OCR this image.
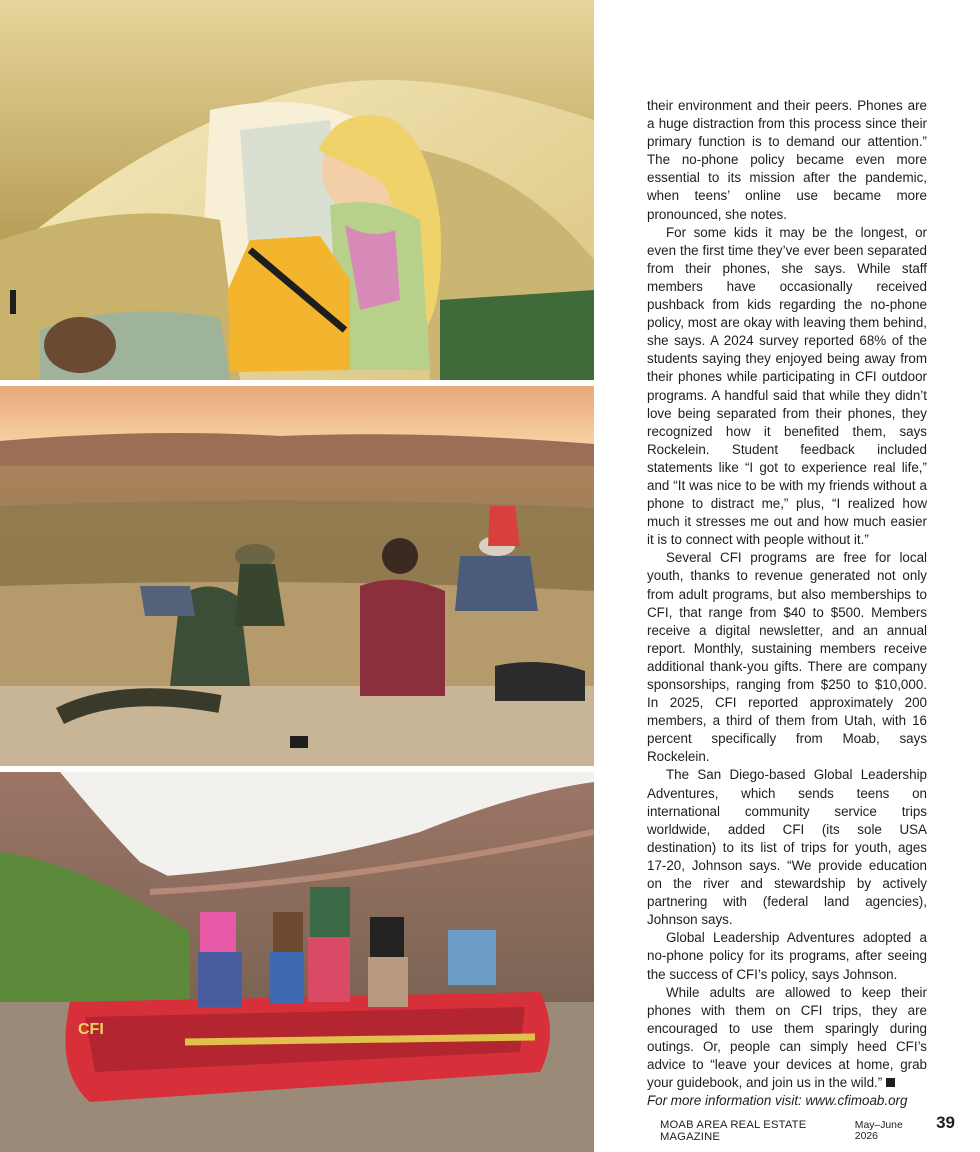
CFI

their environment and their peers. Phones are a huge distraction from this process since their primary function is to demand our attention.” The no-phone policy became even more essential to its mission after the pandemic, when teens’ online use became more pronounced, she notes.

For some kids it may be the longest, or even the first time they’ve ever been separated from their phones, she says. While staff members have occasionally received pushback from kids regarding the no-phone policy, most are okay with leaving them behind, she says. A 2024 survey reported 68% of the students saying they enjoyed being away from their phones while participating in CFI outdoor programs. A handful said that while they didn’t love being separated from their phones, they recognized how it benefited them, says Rockelein. Student feedback included statements like “I got to experience real life,” and “It was nice to be with my friends without a phone to distract me,” plus, “I realized how much it stresses me out and how much easier it is to connect with people without it.”

Several CFI programs are free for local youth, thanks to revenue generated not only from adult programs, but also memberships to CFI, that range from $40 to $500. Members receive a digital newsletter, and an annual report. Monthly, sustaining members receive additional thank-you gifts. There are company sponsorships, ranging from $250 to $10,000. In 2025, CFI reported approximately 200 members, a third of them from Utah, with 16 percent specifically from Moab, says Rockelein.

The San Diego-based Global Leadership Adventures, which sends teens on international community service trips worldwide, added CFI (its sole USA destination) to its list of trips for youth, ages 17-20, Johnson says. “We provide education on the river and stewardship by actively partnering with (federal land agencies), Johnson says.

Global Leadership Adventures adopted a no-phone policy for its programs, after seeing the success of CFI’s policy, says Johnson.

While adults are allowed to keep their phones with them on CFI trips, they are encouraged to use them sparingly during outings. Or, people can simply heed CFI’s advice to “leave your devices at home, grab your guidebook, and join us in the wild.”

For more information visit: www.cfimoab.org

MOAB AREA REAL ESTATE MAGAZINE
May–June 2026
39
